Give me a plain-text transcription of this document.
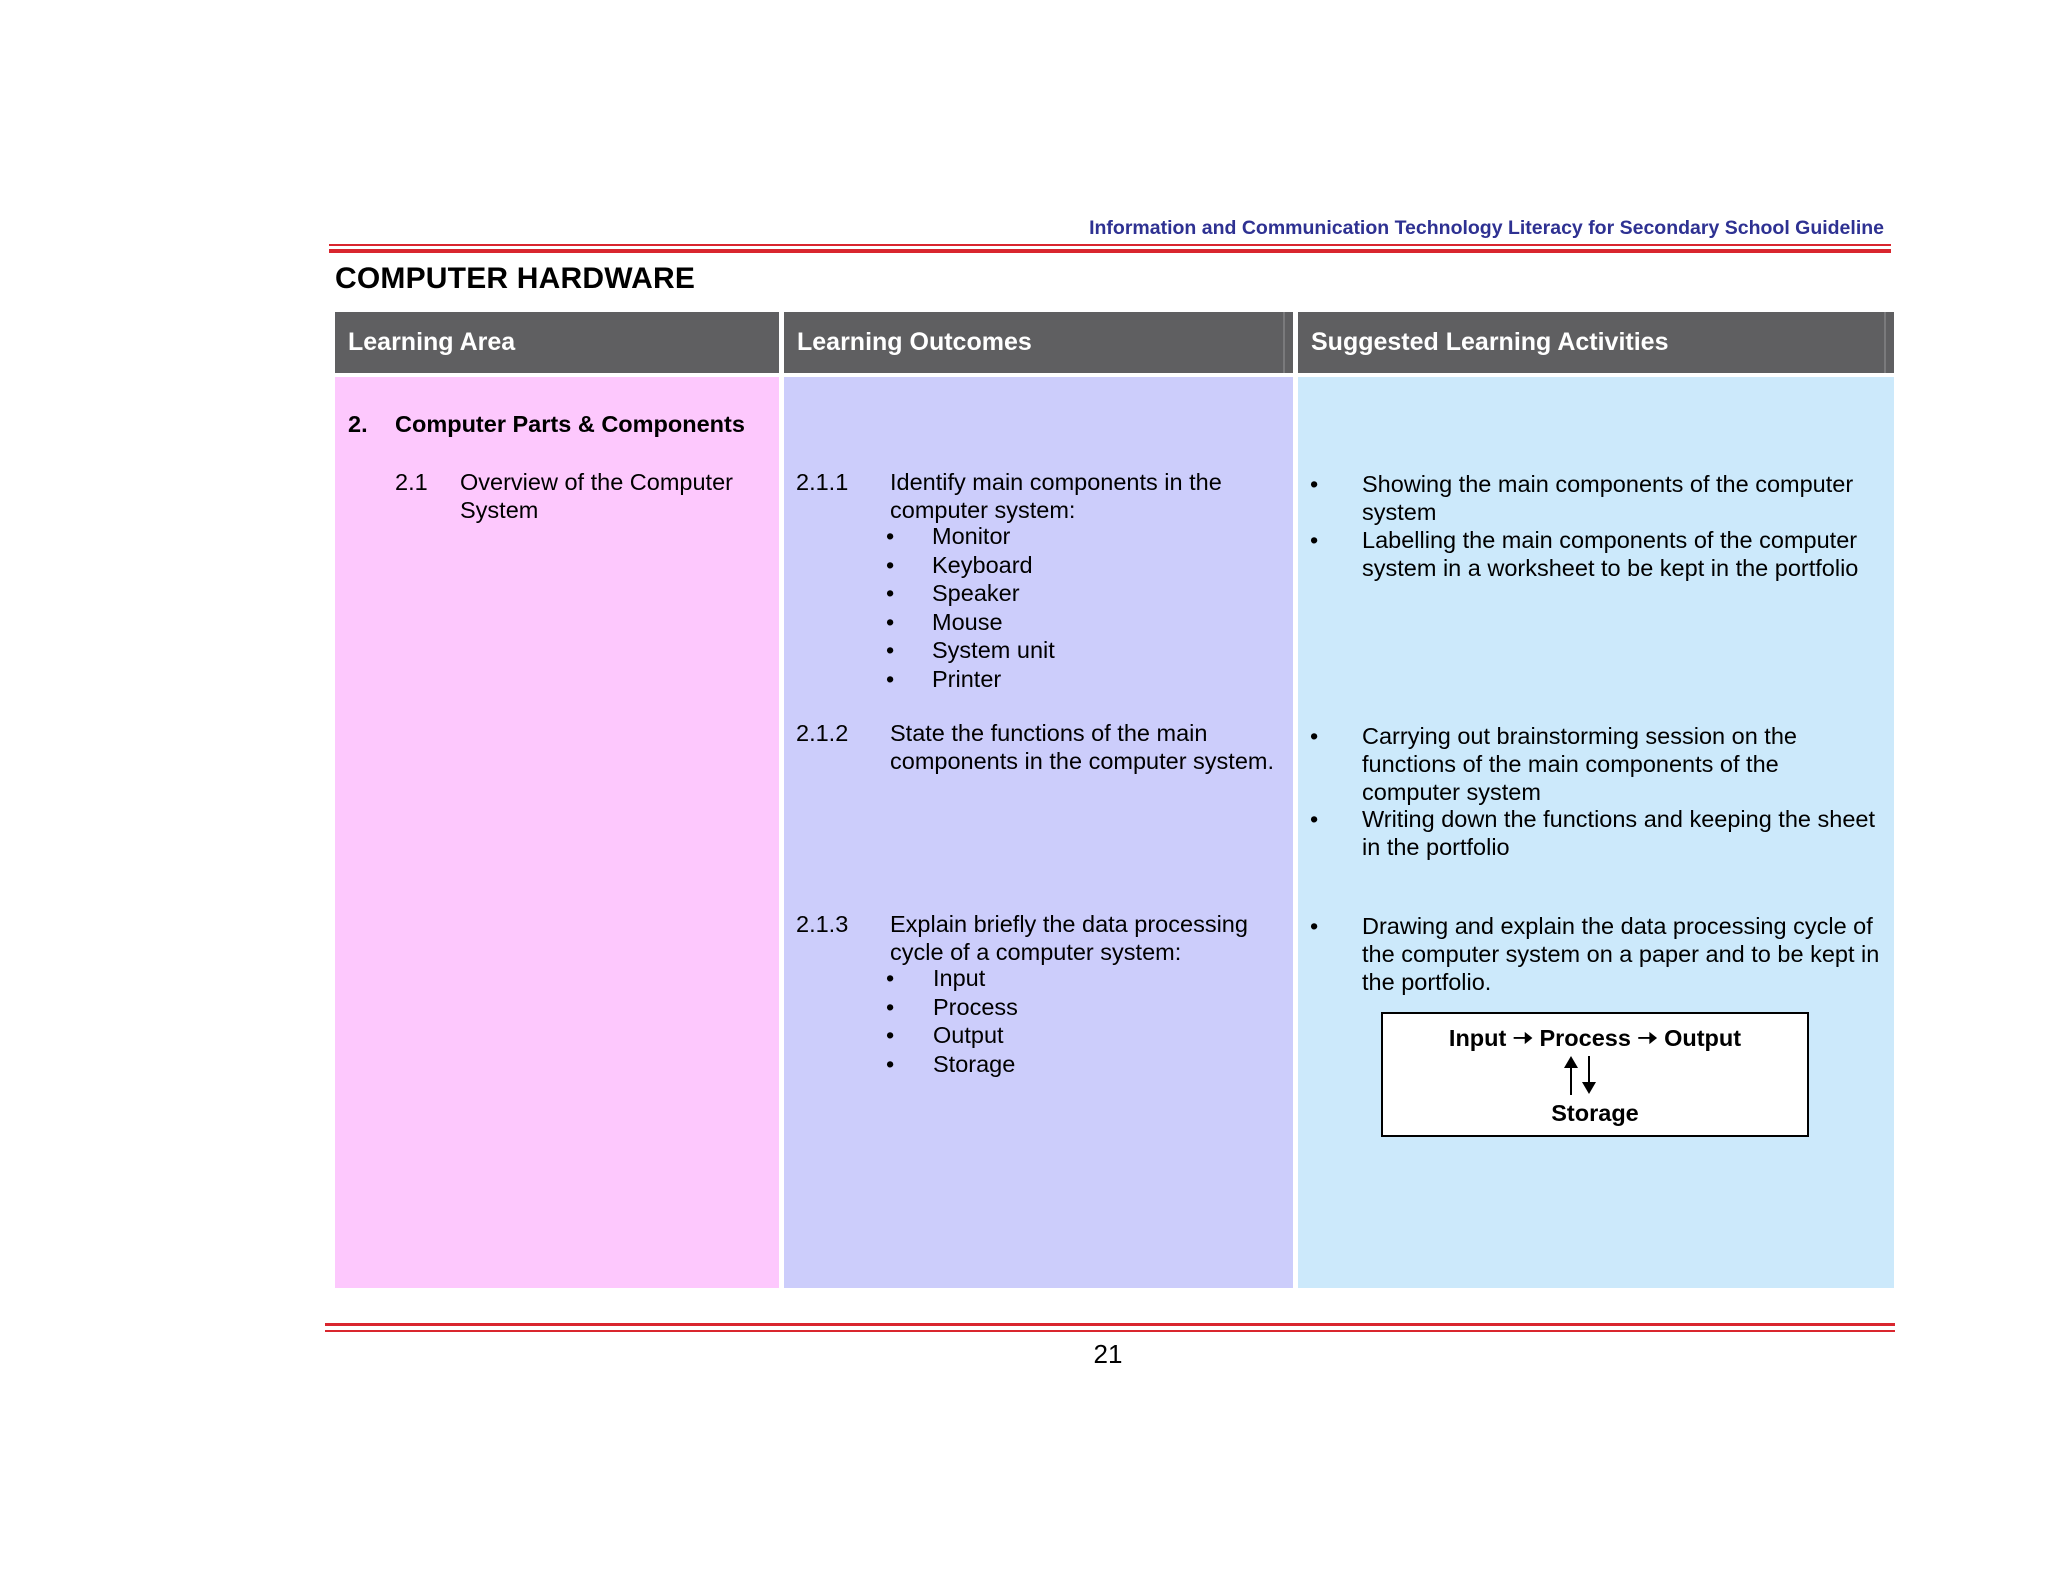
Information and Communication Technology Literacy for Secondary School Guideline
COMPUTER HARDWARE
Learning Area	Learning Outcomes	Suggested Learning Activities
2. Computer Parts & Components
2.1 Overview of the Computer
System
2.1.1 Identify main components in the
computer system:
• Monitor
• Keyboard
• Speaker
• Mouse
• System unit
• Printer
2.1.2 State the functions of the main
components in the computer system.
2.1.3 Explain briefly the data processing
cycle of a computer system:
• Input
• Process
• Output
• Storage
• Showing the main components of the computer
system
• Labelling the main components of the computer
system in a worksheet to be kept in the portfolio
• Carrying out brainstorming session on the
functions of the main components of the
computer system
• Writing down the functions and keeping the sheet
in the portfolio
• Drawing and explain the data processing cycle of
the computer system on a paper and to be kept in
the portfolio.
Input 🠢 Process 🠢 Output
Storage
21
